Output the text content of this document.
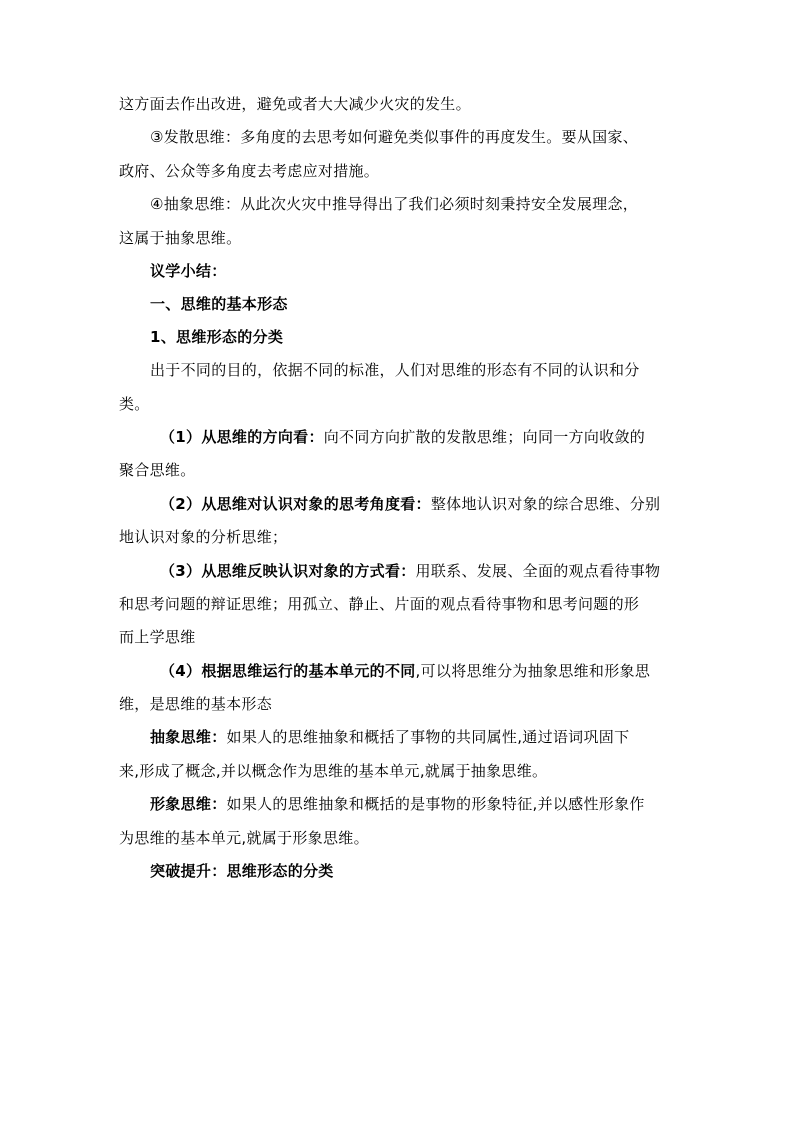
这方面去作出改进，避免或者大大减少火灾的发生。
③发散思维：多角度的去思考如何避免类似事件的再度发生。要从国家、
政府、公众等多角度去考虑应对措施。
④抽象思维：从此次火灾中推导得出了我们必须时刻秉持安全发展理念，
这属于抽象思维。
议学小结：
一、思维的基本形态
1、思维形态的分类
出于不同的目的，依据不同的标准，人们对思维的形态有不同的认识和分
类。
（1）从思维的方向看：向不同方向扩散的发散思维；向同一方向收敛的
聚合思维。
（2）从思维对认识对象的思考角度看：整体地认识对象的综合思维、分别
地认识对象的分析思维；
（3）从思维反映认识对象的方式看：用联系、发展、全面的观点看待事物
和思考问题的辩证思维；用孤立、静止、片面的观点看待事物和思考问题的形
而上学思维
（4）根据思维运行的基本单元的不同,可以将思维分为抽象思维和形象思
维，是思维的基本形态
抽象思维：如果人的思维抽象和概括了事物的共同属性,通过语词巩固下
来,形成了概念,并以概念作为思维的基本单元,就属于抽象思维。
形象思维：如果人的思维抽象和概括的是事物的形象特征,并以感性形象作
为思维的基本单元,就属于形象思维。
突破提升：思维形态的分类
